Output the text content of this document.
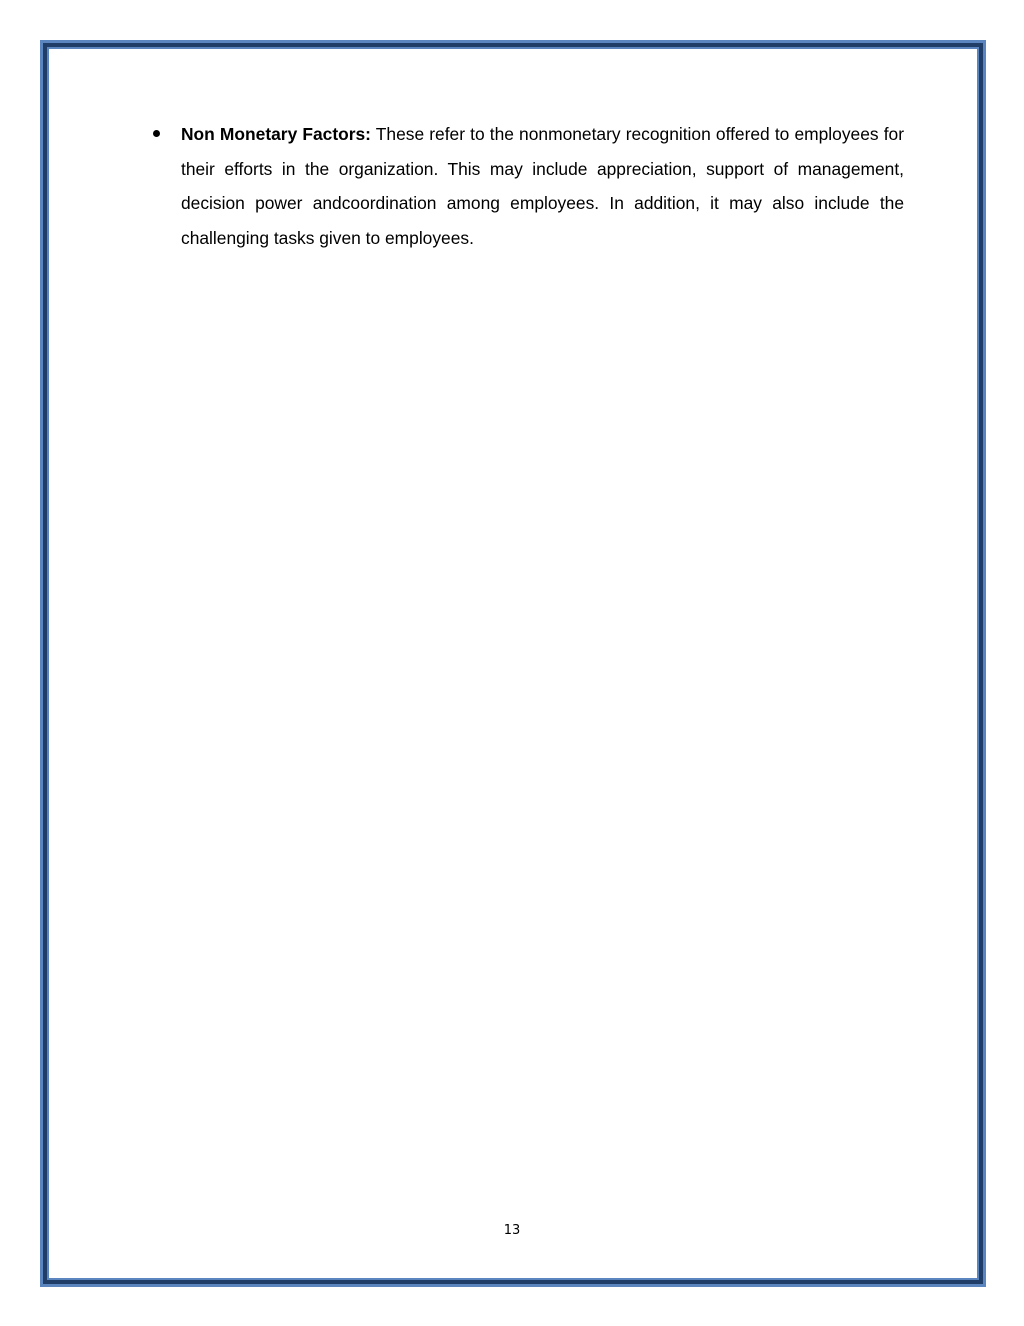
Non Monetary Factors: These refer to the nonmonetary recognition offered to employees for their efforts in the organization. This may include appreciation, support of management, decision power andcoordination among employees. In addition, it may also include the challenging tasks given to employees.

13
